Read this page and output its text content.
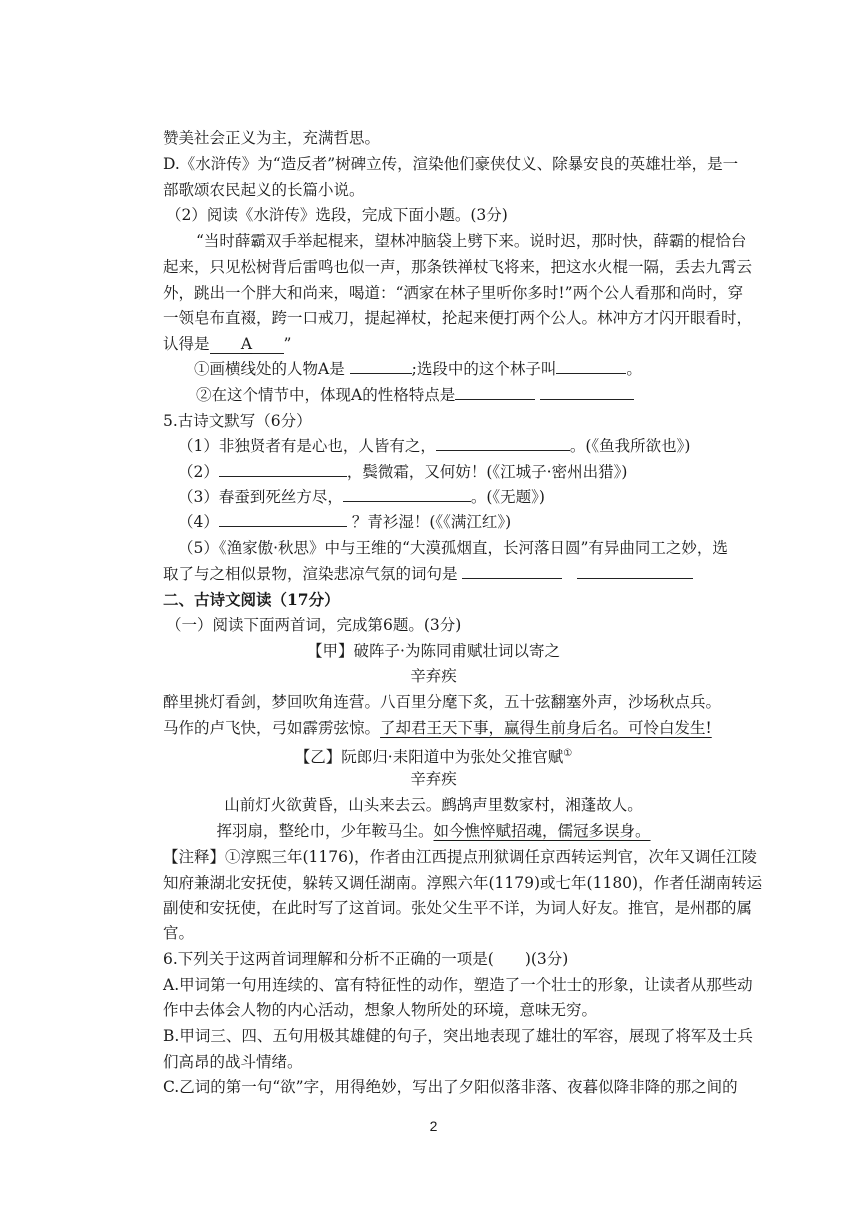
赞美社会正义为主，充满哲思。
D.《水浒传》为“造反者”树碑立传，渲染他们豪侠仗义、除暴安良的英雄壮举，是一
部歌颂农民起义的长篇小说。
（2）阅读《水浒传》选段，完成下面小题。(3分)
“当时薛霸双手举起棍来，望林冲脑袋上劈下来。说时迟，那时快，薛霸的棍恰台
起来，只见松树背后雷鸣也似一声，那条铁禅杖飞将来，把这水火棍一隔，丢去九霄云
外，跳出一个胖大和尚来，喝道：“洒家在林子里听你多时!”两个公人看那和尚时，穿
一领皂布直裰，跨一口戒刀，提起禅杖，抡起来便打两个公人。林冲方才闪开眼看时，
认得是 A ”
①画横线处的人物A是	;选段中的这个林子叫	。
②在这个情节中，体现A的性格特点是
5.古诗文默写（6分）
（1）非独贤者有是心也，人皆有之，	。(《鱼我所欲也》)
（2）	，鬓微霜，又何妨！(《江城子·密州出猎》)
（3）春蚕到死丝方尽，	。(《无题》)
（4）	？青衫湿！(《《满江红》)
（5）《渔家傲·秋思》中与王维的“大漠孤烟直，长河落日圆”有异曲同工之妙，选
取了与之相似景物，渲染悲凉气氛的词句是
二、古诗文阅读（17分）
（一）阅读下面两首词，完成第6题。(3分)
【甲】破阵子·为陈同甫赋壮词以寄之
辛弃疾
醉里挑灯看剑，梦回吹角连营。八百里分麾下炙，五十弦翻塞外声，沙场秋点兵。
马作的卢飞快，弓如霹雳弦惊。了却君王天下事，赢得生前身后名。可怜白发生!
【乙】阮郎归·耒阳道中为张处父推官赋①
辛弃疾
山前灯火欲黄昏，山头来去云。鹧鸪声里数家村，湘蓬故人。
挥羽扇，整纶巾，少年鞍马尘。如今憔悴赋招魂，儒冠多误身。
【注释】①淳熙三年(1176)，作者由江西提点刑狱调任京西转运判官，次年又调任江陵
知府兼湖北安抚使，躲转又调任湖南。淳熙六年(1179)或七年(1180)，作者任湖南转运
副使和安抚使，在此时写了这首词。张处父生平不详，为词人好友。推官，是州郡的属
官。
6.下列关于这两首词理解和分析不正确的一项是(　　)(3分)
A.甲词第一句用连续的、富有特征性的动作，塑造了一个壮士的形象，让读者从那些动
作中去体会人物的内心活动，想象人物所处的环境，意味无穷。
B.甲词三、四、五句用极其雄健的句子，突出地表现了雄壮的军容，展现了将军及士兵
们高昂的战斗情绪。
C.乙词的第一句“欲”字，用得绝妙，写出了夕阳似落非落、夜暮似降非降的那之间的
2
